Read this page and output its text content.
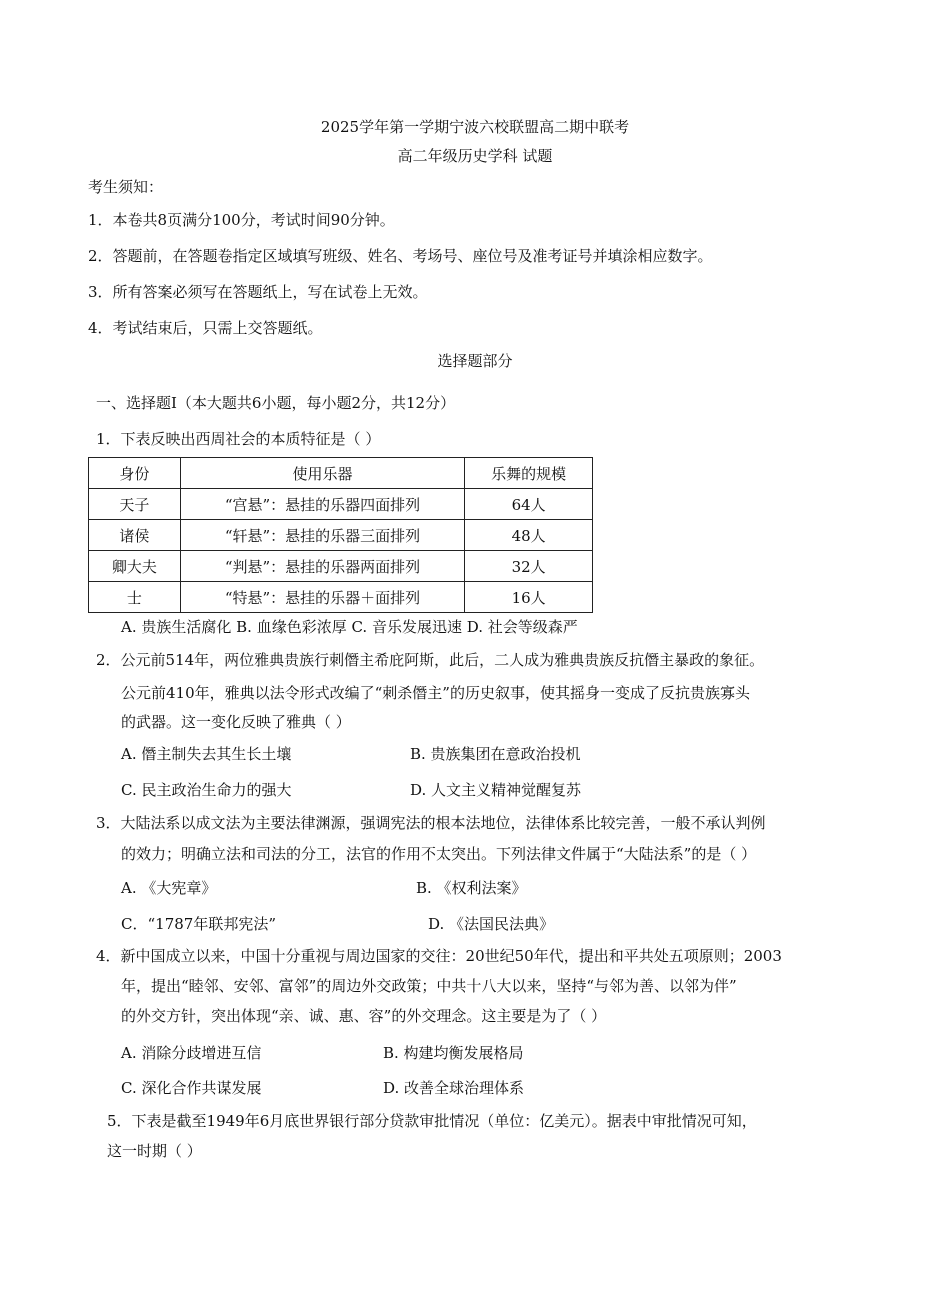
2025学年第一学期宁波六校联盟高二期中联考
高二年级历史学科 试题
考生须知：
1．本卷共8页满分100分，考试时间90分钟。
2．答题前，在答题卷指定区域填写班级、姓名、考场号、座位号及准考证号并填涂相应数字。
3．所有答案必须写在答题纸上，写在试卷上无效。
4．考试结束后，只需上交答题纸。
选择题部分
一、选择题Ⅰ（本大题共6小题，每小题2分，共12分）
1．下表反映出西周社会的本质特征是（ ）
身份	使用乐器	乐舞的规模
天子	“宫悬”：悬挂的乐器四面排列	64人
诸侯	“轩悬”：悬挂的乐器三面排列	48人
卿大夫	“判悬”：悬挂的乐器两面排列	32人
士	“特悬”：悬挂的乐器＋面排列	16人
A. 贵族生活腐化 B. 血缘色彩浓厚 C. 音乐发展迅速 D. 社会等级森严
2．公元前514年，两位雅典贵族行刺僭主希庇阿斯，此后，二人成为雅典贵族反抗僭主暴政的象征。
公元前410年，雅典以法令形式改编了“刺杀僭主”的历史叙事，使其摇身一变成了反抗贵族寡头
的武器。这一变化反映了雅典（ ）
A. 僭主制失去其生长土壤	B. 贵族集团在意政治投机
C. 民主政治生命力的强大	D. 人文主义精神觉醒复苏
3．大陆法系以成文法为主要法律渊源，强调宪法的根本法地位，法律体系比较完善，一般不承认判例
的效力；明确立法和司法的分工，法官的作用不太突出。下列法律文件属于“大陆法系”的是（ ）
A. 《大宪章》	B. 《权利法案》
C．“1787年联邦宪法”	D. 《法国民法典》
4．新中国成立以来，中国十分重视与周边国家的交往：20世纪50年代，提出和平共处五项原则；2003
年，提出“睦邻、安邻、富邻”的周边外交政策；中共十八大以来，坚持“与邻为善、以邻为伴”
的外交方针，突出体现“亲、诚、惠、容”的外交理念。这主要是为了（ ）
A. 消除分歧增进互信	B. 构建均衡发展格局
C. 深化合作共谋发展	D. 改善全球治理体系
5．下表是截至1949年6月底世界银行部分贷款审批情况（单位：亿美元）。据表中审批情况可知，
这一时期（ ）
